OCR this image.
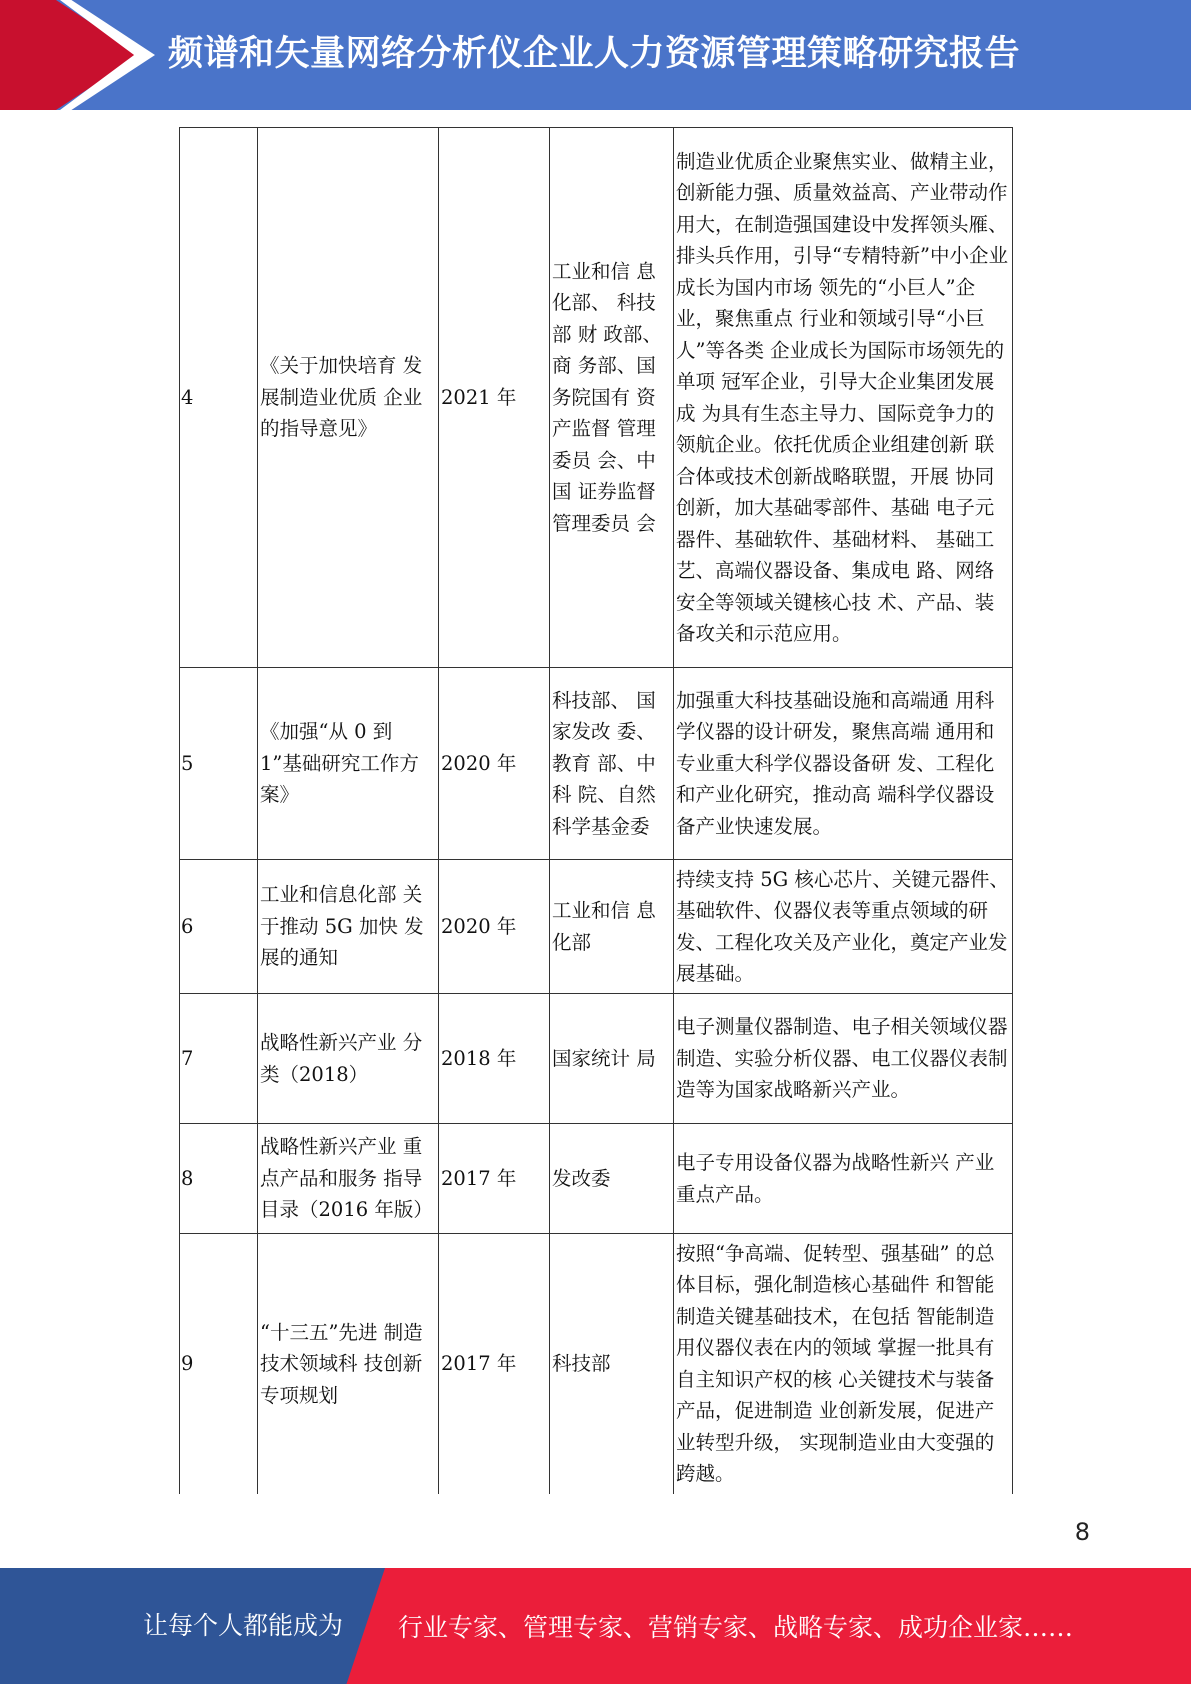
频谱和矢量网络分析仪企业人力资源管理策略研究报告
4	《关于加快培育 发展制造业优质 企业的指导意见》	2021 年	工业和信 息化部、 科技部 财 政部、商 务部、国 务院国有 资产监督 管理委员 会、中国 证券监督 管理委员 会	制造业优质企业聚焦实业、做精主业，创新能力强、质量效益高、产业带动作用大，在制造强国建设中发挥领头雁、排头兵作用，引导“专精特新”中小企业成长为国内市场 领先的“小巨人”企业，聚焦重点 行业和领域引导“小巨人”等各类 企业成长为国际市场领先的单项 冠军企业，引导大企业集团发展成 为具有生态主导力、国际竞争力的 领航企业。依托优质企业组建创新 联合体或技术创新战略联盟，开展 协同创新，加大基础零部件、基础 电子元器件、基础软件、基础材料、 基础工艺、高端仪器设备、集成电 路、网络安全等领域关键核心技 术、产品、装备攻关和示范应用。
5	《加强“从 0 到 1”基础研究工作方案》	2020 年	科技部、 国家发改 委、教育 部、中科 院、自然科学基金委	加强重大科技基础设施和高端通 用科学仪器的设计研发，聚焦高端 通用和专业重大科学仪器设备研 发、工程化和产业化研究，推动高 端科学仪器设备产业快速发展。
6	工业和信息化部 关于推动 5G 加快 发展的通知	2020 年	工业和信 息化部	持续支持 5G 核心芯片、关键元器件、基础软件、仪器仪表等重点领域的研发、工程化攻关及产业化，奠定产业发展基础。
7	战略性新兴产业 分类（2018）	2018 年	国家统计 局	电子测量仪器制造、电子相关领域仪器制造、实验分析仪器、电工仪器仪表制造等为国家战略新兴产业。
8	战略性新兴产业 重点产品和服务 指导目录（2016 年版）	2017 年	发改委	电子专用设备仪器为战略性新兴 产业重点产品。
9	“十三五”先进 制造技术领域科 技创新专项规划	2017 年	科技部	按照“争高端、促转型、强基础” 的总体目标，强化制造核心基础件 和智能制造关键基础技术，在包括 智能制造用仪器仪表在内的领域 掌握一批具有自主知识产权的核 心关键技术与装备产品，促进制造 业创新发展，促进产业转型升级， 实现制造业由大变强的跨越。
8
让每个人都能成为 行业专家、管理专家、营销专家、战略专家、成功企业家……
